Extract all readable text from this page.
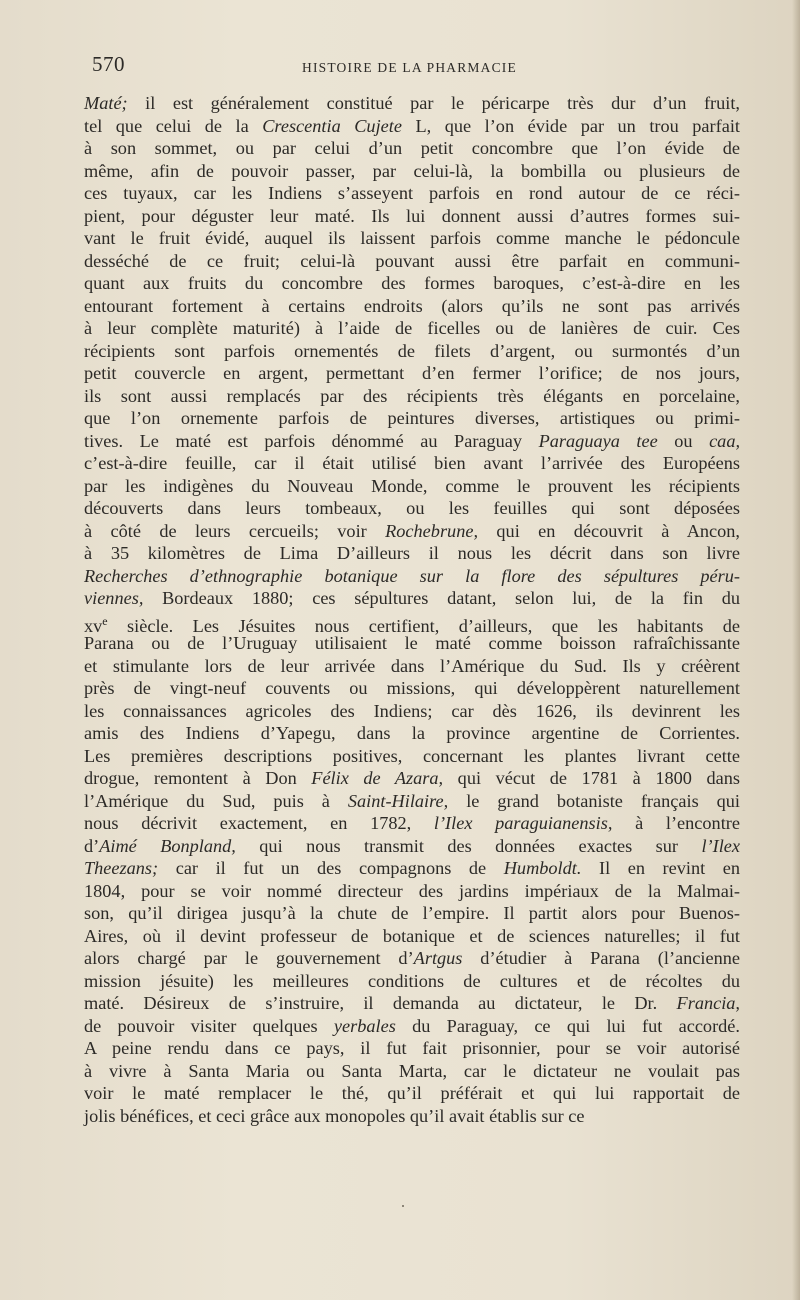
570	HISTOIRE DE LA PHARMACIE
Maté; il est généralement constitué par le péricarpe très dur d’un fruit,
tel que celui de la Crescentia Cujete L, que l’on évide par un trou parfait
à son sommet, ou par celui d’un petit concombre que l’on évide de
même, afin de pouvoir passer, par celui-là, la bombilla ou plusieurs de
ces tuyaux, car les Indiens s’asseyent parfois en rond autour de ce réci-
pient, pour déguster leur maté. Ils lui donnent aussi d’autres formes sui-
vant le fruit évidé, auquel ils laissent parfois comme manche le pédoncule
desséché de ce fruit; celui-là pouvant aussi être parfait en communi-
quant aux fruits du concombre des formes baroques, c’est-à-dire en les
entourant fortement à certains endroits (alors qu’ils ne sont pas arrivés
à leur complète maturité) à l’aide de ficelles ou de lanières de cuir. Ces
récipients sont parfois ornementés de filets d’argent, ou surmontés d’un
petit couvercle en argent, permettant d’en fermer l’orifice; de nos jours,
ils sont aussi remplacés par des récipients très élégants en porcelaine,
que l’on ornemente parfois de peintures diverses, artistiques ou primi-
tives. Le maté est parfois dénommé au Paraguay Paraguaya tee ou caa,
c’est-à-dire feuille, car il était utilisé bien avant l’arrivée des Européens
par les indigènes du Nouveau Monde, comme le prouvent les récipients
découverts dans leurs tombeaux, ou les feuilles qui sont déposées
à côté de leurs cercueils; voir Rochebrune, qui en découvrit à Ancon,
à 35 kilomètres de Lima D’ailleurs il nous les décrit dans son livre
Recherches d’ethnographie botanique sur la flore des sépultures péru-
viennes, Bordeaux 1880; ces sépultures datant, selon lui, de la fin du
$xv^e$ siècle. Les Jésuites nous certifient, d’ailleurs, que les habitants de
Parana ou de l’Uruguay utilisaient le maté comme boisson rafraîchissante
et stimulante lors de leur arrivée dans l’Amérique du Sud. Ils y créèrent
près de vingt-neuf couvents ou missions, qui développèrent naturellement
les connaissances agricoles des Indiens; car dès 1626, ils devinrent les
amis des Indiens d’Yapegu, dans la province argentine de Corrientes.
Les premières descriptions positives, concernant les plantes livrant cette
drogue, remontent à Don Félix de Azara, qui vécut de 1781 à 1800 dans
l’Amérique du Sud, puis à Saint-Hilaire, le grand botaniste français qui
nous décrivit exactement, en 1782, l’Ilex paraguianensis, à l’encontre
d’Aimé Bonpland, qui nous transmit des données exactes sur l’Ilex
Theezans; car il fut un des compagnons de Humboldt. Il en revint en
1804, pour se voir nommé directeur des jardins impériaux de la Malmai-
son, qu’il dirigea jusqu’à la chute de l’empire. Il partit alors pour Buenos-
Aires, où il devint professeur de botanique et de sciences naturelles; il fut
alors chargé par le gouvernement d’Artgus d’étudier à Parana (l’ancienne
mission jésuite) les meilleures conditions de cultures et de récoltes du
maté. Désireux de s’instruire, il demanda au dictateur, le Dr. Francia,
de pouvoir visiter quelques yerbales du Paraguay, ce qui lui fut accordé.
A peine rendu dans ce pays, il fut fait prisonnier, pour se voir autorisé
à vivre à Santa Maria ou Santa Marta, car le dictateur ne voulait pas
voir le maté remplacer le thé, qu’il préférait et qui lui rapportait de
jolis bénéfices, et ceci grâce aux monopoles qu’il avait établis sur ce
